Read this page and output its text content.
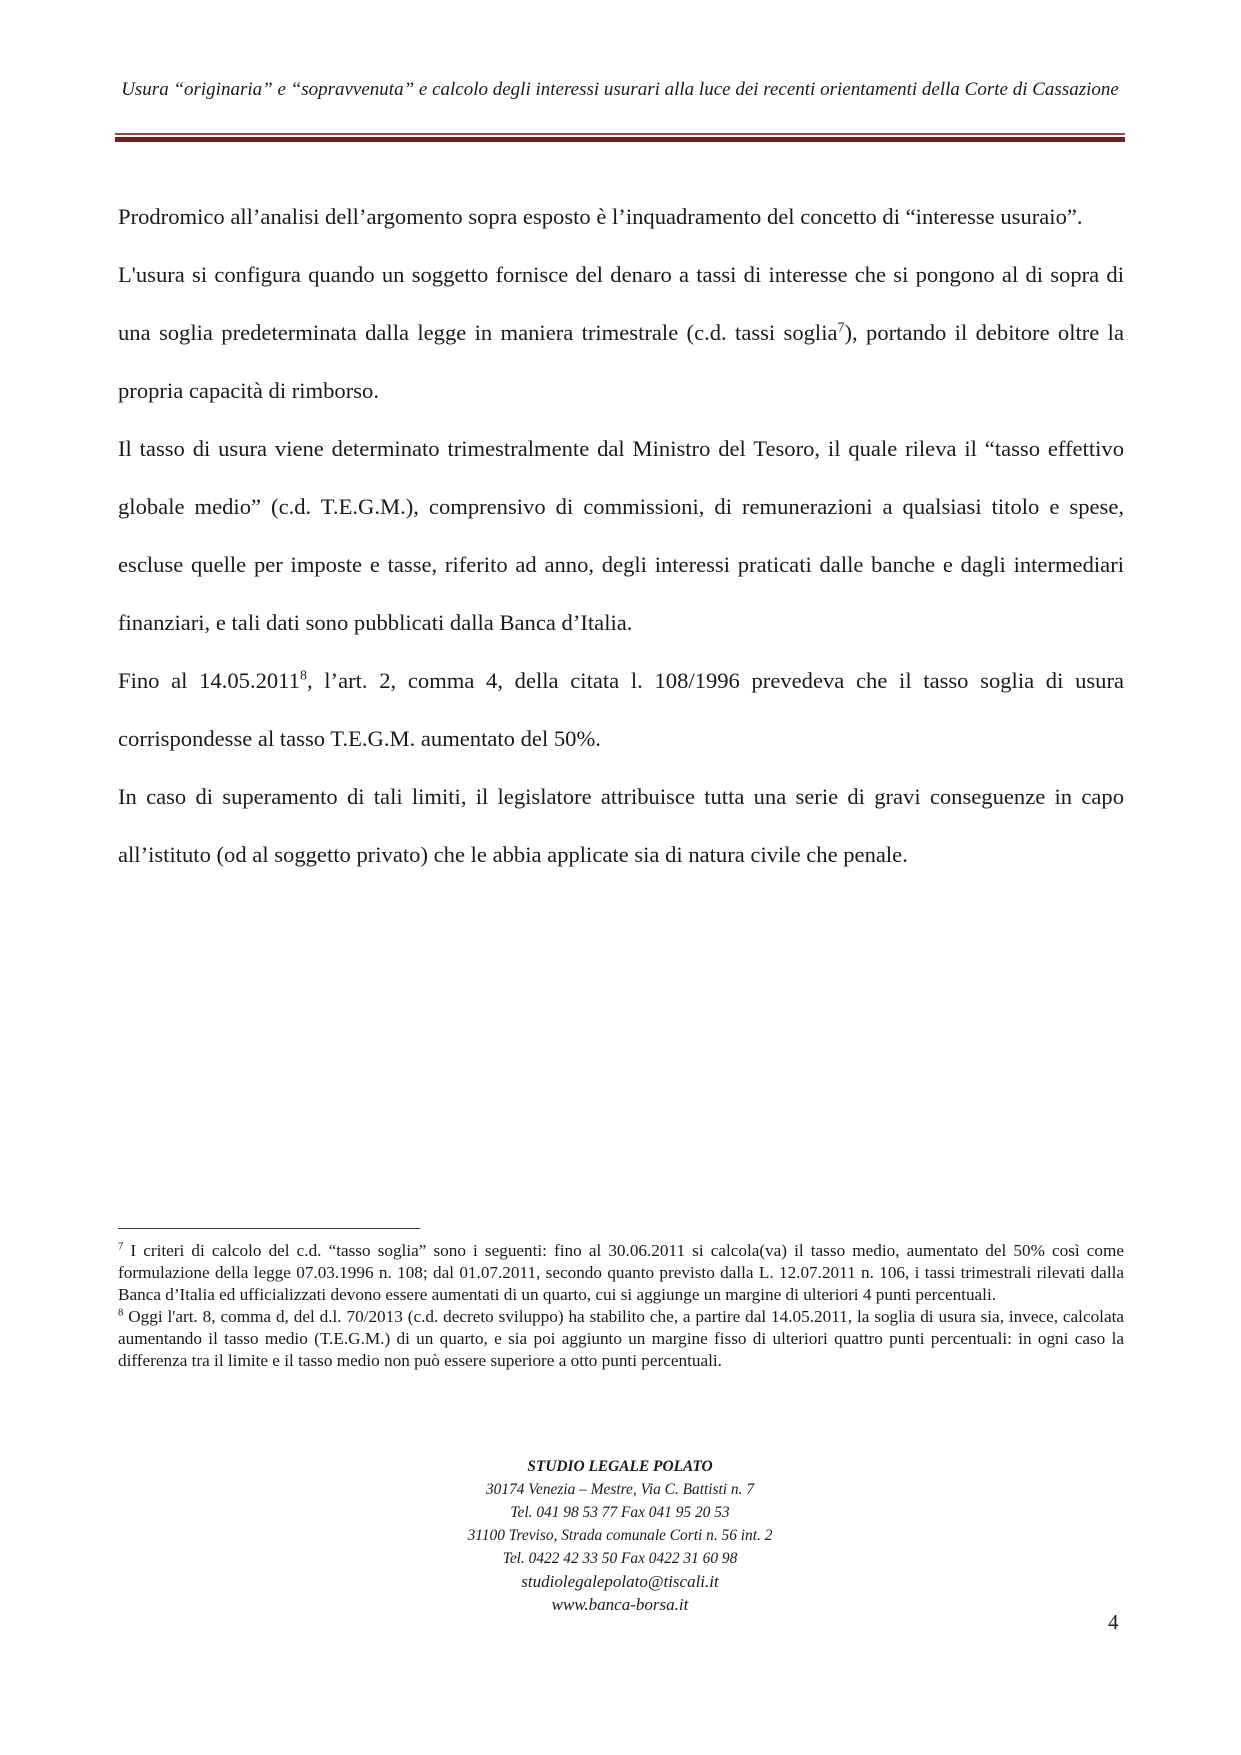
Usura “originaria” e “sopravvenuta” e calcolo degli interessi usurari alla luce dei recenti orientamenti della Corte di Cassazione

Prodromico all’analisi dell’argomento sopra esposto è l’inquadramento del concetto di “interesse usuraio”.

L'usura si configura quando un soggetto fornisce del denaro a tassi di interesse che si pongono al di sopra di una soglia predeterminata dalla legge in maniera trimestrale (c.d. tassi soglia$^7$), portando il debitore oltre la propria capacità di rimborso.

Il tasso di usura viene determinato trimestralmente dal Ministro del Tesoro, il quale rileva il “tasso effettivo globale medio” (c.d. T.E.G.M.), comprensivo di commissioni, di remunerazioni a qualsiasi titolo e spese, escluse quelle per imposte e tasse, riferito ad anno, degli interessi praticati dalle banche e dagli intermediari finanziari, e tali dati sono pubblicati dalla Banca d’Italia.

Fino al 14.05.2011$^8$, l’art. 2, comma 4, della citata l. 108/1996 prevedeva che il tasso soglia di usura corrispondesse al tasso T.E.G.M. aumentato del 50%.

In caso di superamento di tali limiti, il legislatore attribuisce tutta una serie di gravi conseguenze in capo all’istituto (od al soggetto privato) che le abbia applicate sia di natura civile che penale.

$^7$ I criteri di calcolo del c.d. “tasso soglia” sono i seguenti: fino al 30.06.2011 si calcola(va) il tasso medio, aumentato del 50% così come formulazione della legge 07.03.1996 n. 108; dal 01.07.2011, secondo quanto previsto dalla L. 12.07.2011 n. 106, i tassi trimestrali rilevati dalla Banca d’Italia ed ufficializzati devono essere aumentati di un quarto, cui si aggiunge un margine di ulteriori 4 punti percentuali.

$^8$ Oggi l'art. 8, comma d, del d.l. 70/2013 (c.d. decreto sviluppo) ha stabilito che, a partire dal 14.05.2011, la soglia di usura sia, invece, calcolata aumentando il tasso medio (T.E.G.M.) di un quarto, e sia poi aggiunto un margine fisso di ulteriori quattro punti percentuali: in ogni caso la differenza tra il limite e il tasso medio non può essere superiore a otto punti percentuali.

STUDIO LEGALE POLATO
30174 Venezia – Mestre, Via C. Battisti n. 7
Tel. 041 98 53 77 Fax 041 95 20 53
31100 Treviso, Strada comunale Corti n. 56 int. 2
Tel. 0422 42 33 50 Fax 0422 31 60 98
studiolegalepolato@tiscali.it
www.banca-borsa.it
4
